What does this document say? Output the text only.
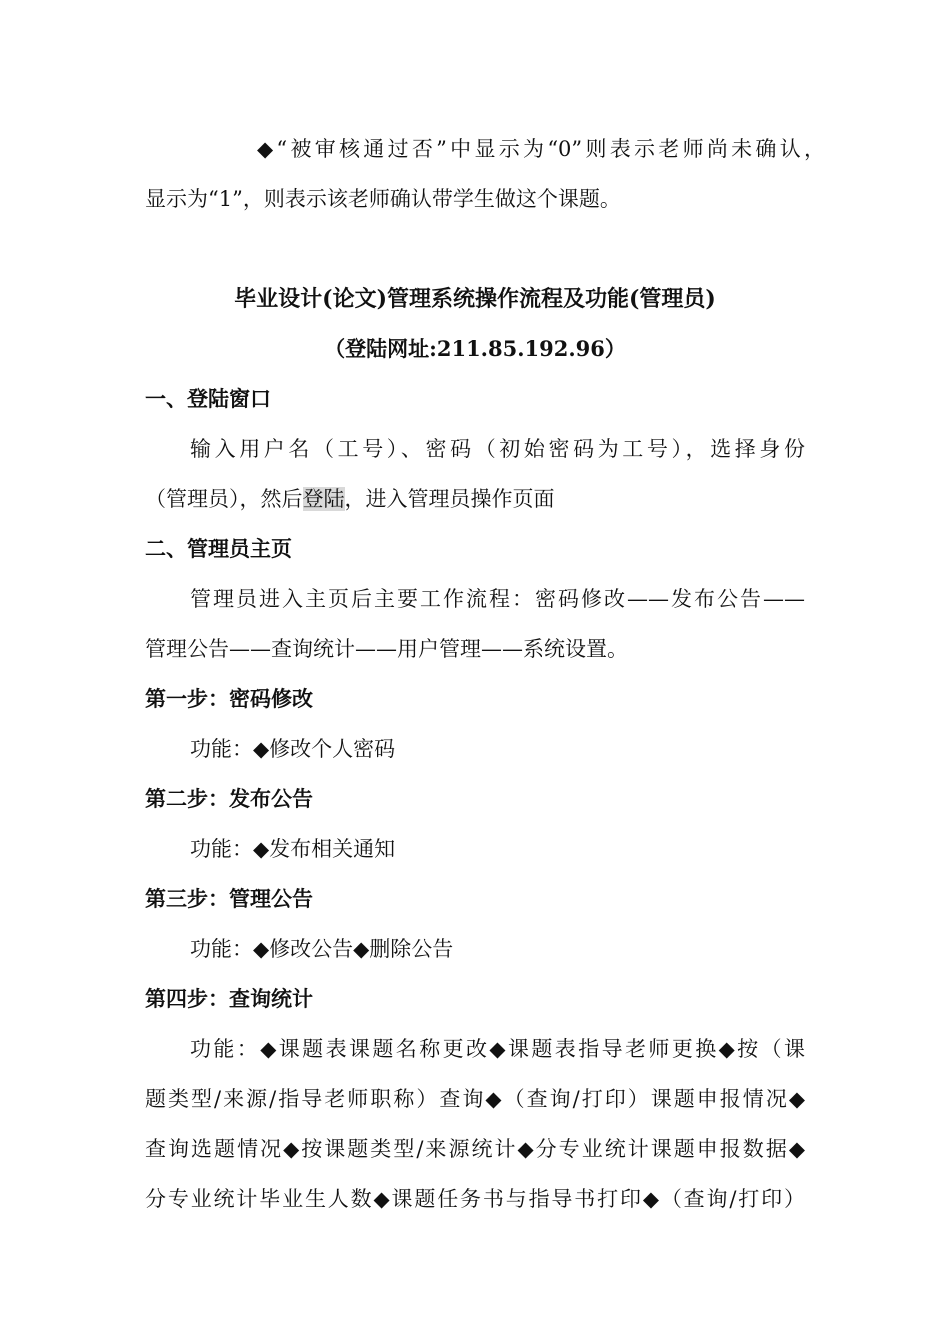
◆“被审核通过否”中显示为“0”则表示老师尚未确认，
显示为“1”，则表示该老师确认带学生做这个课题。
毕业设计(论文)管理系统操作流程及功能(管理员)
（登陆网址:211.85.192.96）
一、登陆窗口
输入用户名（工号）、密码（初始密码为工号），选择身份
（管理员），然后登陆，进入管理员操作页面
二、管理员主页
管理员进入主页后主要工作流程：密码修改——发布公告——
管理公告——查询统计——用户管理——系统设置。
第一步：密码修改
功能：◆修改个人密码
第二步：发布公告
功能：◆发布相关通知
第三步：管理公告
功能：◆修改公告◆删除公告
第四步：查询统计
功能：◆课题表课题名称更改◆课题表指导老师更换◆按（课
题类型/来源/指导老师职称）查询◆（查询/打印）课题申报情况◆
查询选题情况◆按课题类型/来源统计◆分专业统计课题申报数据◆
分专业统计毕业生人数◆课题任务书与指导书打印◆（查询/打印）
